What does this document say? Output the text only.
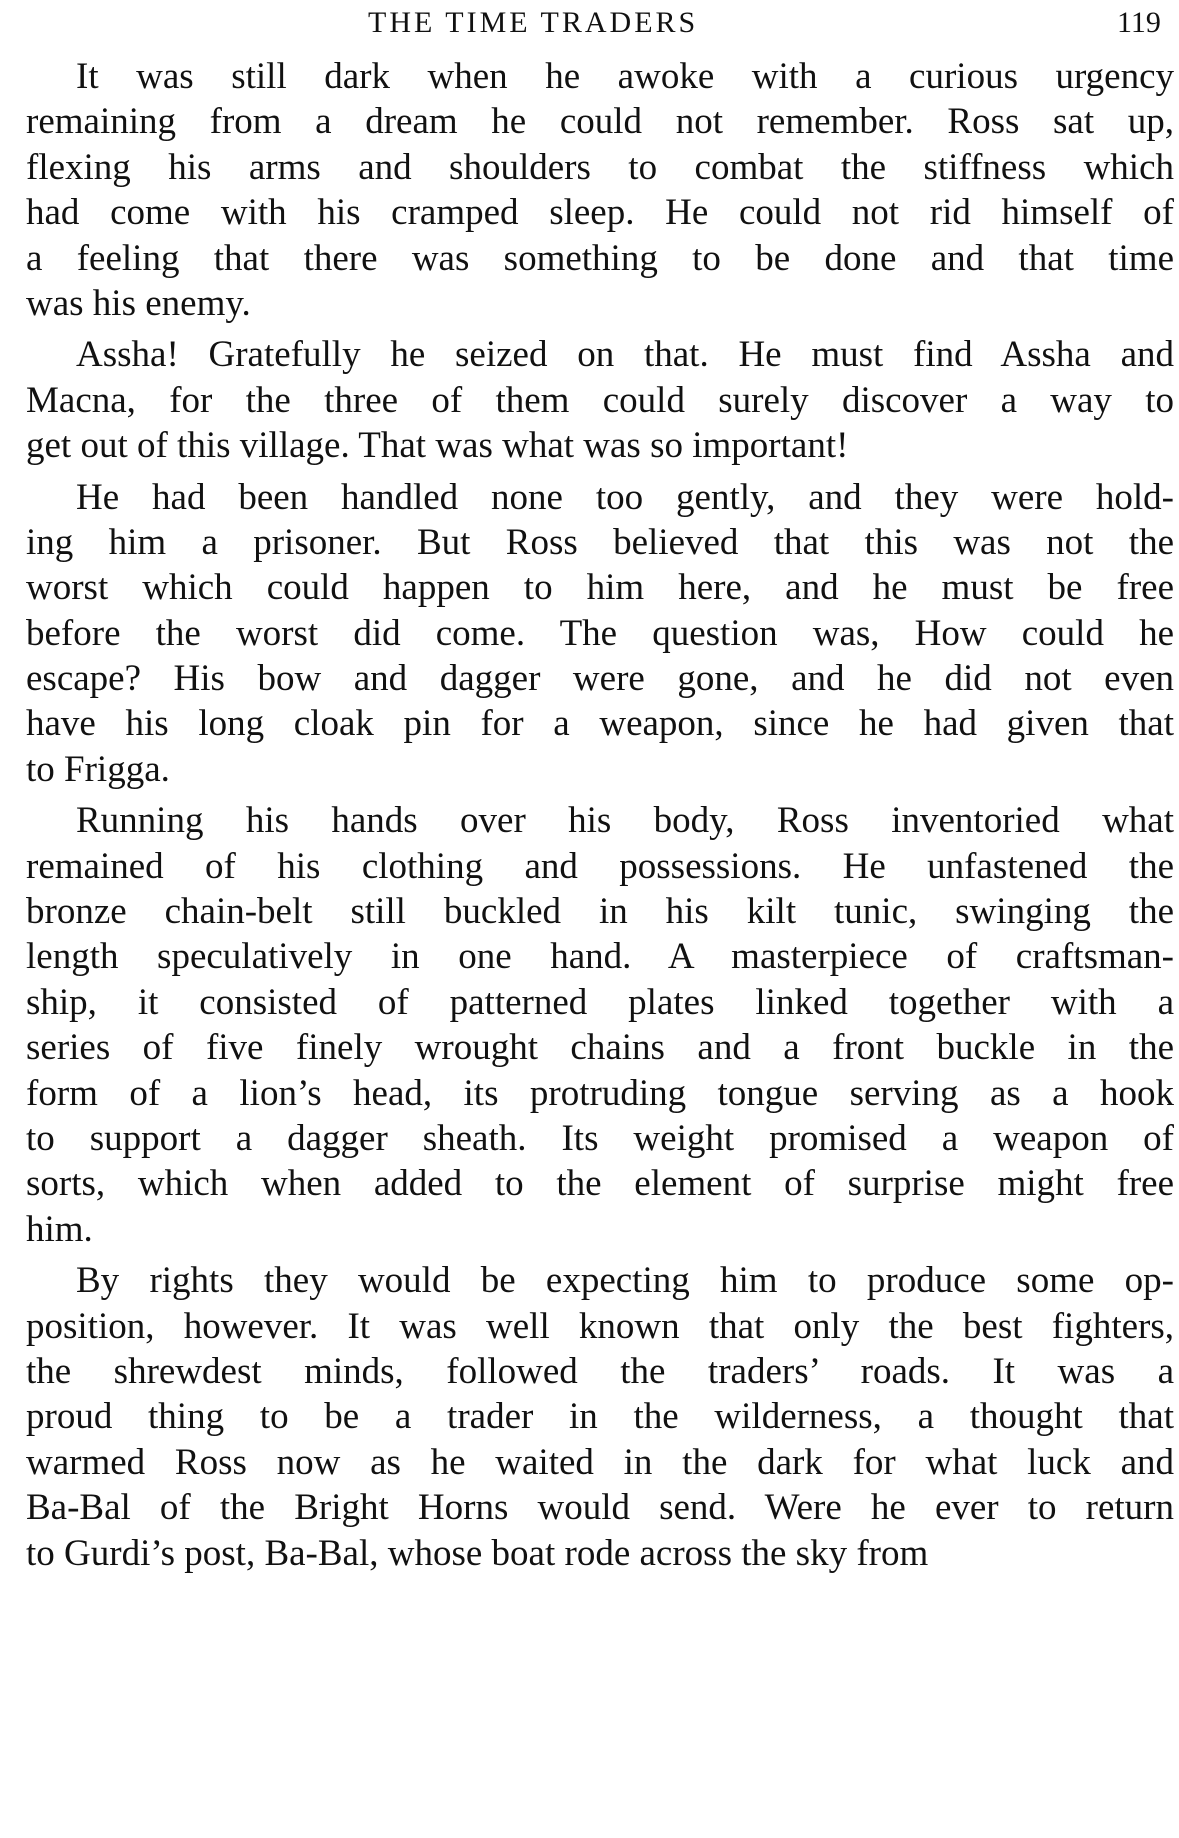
THE TIME TRADERS	119
It was still dark when he awoke with a curious urgency
remaining from a dream he could not remember. Ross sat up,
flexing his arms and shoulders to combat the stiffness which
had come with his cramped sleep. He could not rid himself of
a feeling that there was something to be done and that time
was his enemy.
Assha! Gratefully he seized on that. He must find Assha and
Macna, for the three of them could surely discover a way to
get out of this village. That was what was so important!
He had been handled none too gently, and they were hold-
ing him a prisoner. But Ross believed that this was not the
worst which could happen to him here, and he must be free
before the worst did come. The question was, How could he
escape? His bow and dagger were gone, and he did not even
have his long cloak pin for a weapon, since he had given that
to Frigga.
Running his hands over his body, Ross inventoried what
remained of his clothing and possessions. He unfastened the
bronze chain-belt still buckled in his kilt tunic, swinging the
length speculatively in one hand. A masterpiece of craftsman-
ship, it consisted of patterned plates linked together with a
series of five finely wrought chains and a front buckle in the
form of a lion’s head, its protruding tongue serving as a hook
to support a dagger sheath. Its weight promised a weapon of
sorts, which when added to the element of surprise might free
him.
By rights they would be expecting him to produce some op-
position, however. It was well known that only the best fighters,
the shrewdest minds, followed the traders’ roads. It was a
proud thing to be a trader in the wilderness, a thought that
warmed Ross now as he waited in the dark for what luck and
Ba-Bal of the Bright Horns would send. Were he ever to return
to Gurdi’s post, Ba-Bal, whose boat rode across the sky from
